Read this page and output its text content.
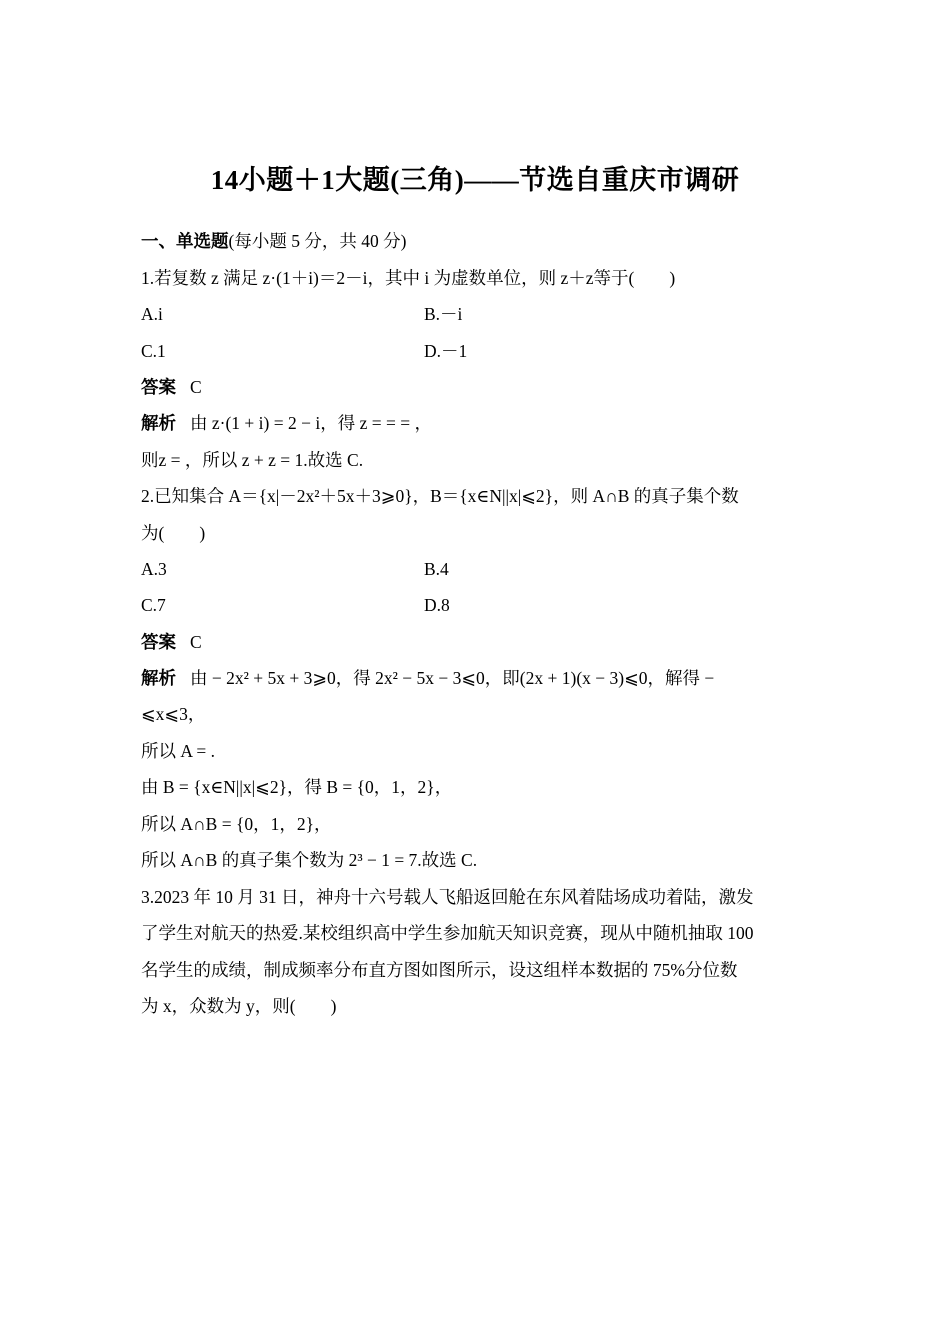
14小题＋1大题(三角)——节选自重庆市调研
一、单选题(每小题 5 分，共 40 分)
1.若复数 z 满足 z·(1＋i)＝2－i，其中 i 为虚数单位，则 z＋z等于(　　)
A.i	B.－i
C.1	D.－1
答案 C
解析 由 z·(1 + i) = 2 − i，得 z = = = ，
则z = ，所以 z + z = 1.故选 C.
2.已知集合 A＝{x|－2x²＋5x＋3⩾0}，B＝{x∈N||x|⩽2}，则 A∩B 的真子集个数
为(　　)
A.3	B.4
C.7	D.8
答案 C
解析 由 − 2x² + 5x + 3⩾0，得 2x² − 5x − 3⩽0，即(2x + 1)(x − 3)⩽0，解得 −
⩽x⩽3，
所以 A = .
由 B = {x∈N||x|⩽2}，得 B = {0，1，2}，
所以 A∩B = {0，1，2}，
所以 A∩B 的真子集个数为 2³ − 1 = 7.故选 C.
3.2023 年 10 月 31 日，神舟十六号载人飞船返回舱在东风着陆场成功着陆，激发
了学生对航天的热爱.某校组织高中学生参加航天知识竞赛，现从中随机抽取 100
名学生的成绩，制成频率分布直方图如图所示，设这组样本数据的 75%分位数
为 x，众数为 y，则(　　)
